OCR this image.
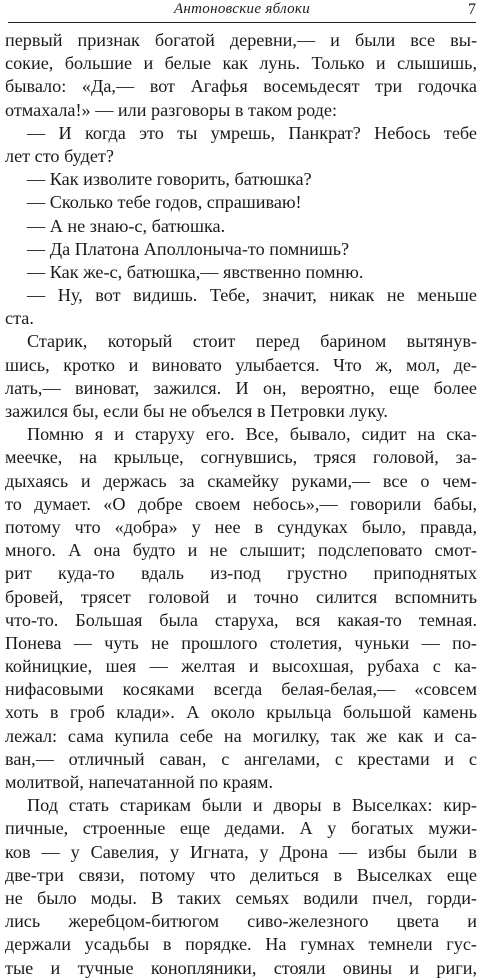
Антоновские яблоки	7
первый признак богатой деревни,— и были все вы-
сокие, большие и белые как лунь. Только и слышишь,
бывало: «Да,— вот Агафья восемьдесят три годочка
отмахала!» — или разговоры в таком роде:
— И когда это ты умрешь, Панкрат? Небось тебе
лет сто будет?
— Как изволите говорить, батюшка?
— Сколько тебе годов, спрашиваю!
— А не знаю-с, батюшка.
— Да Платона Аполлоныча-то помнишь?
— Как же-с, батюшка,— явственно помню.
— Ну, вот видишь. Тебе, значит, никак не меньше
ста.
Старик, который стоит перед барином вытянув-
шись, кротко и виновато улыбается. Что ж, мол, де-
лать,— виноват, зажился. И он, вероятно, еще более
зажился бы, если бы не объелся в Петровки луку.
Помню я и старуху его. Все, бывало, сидит на ска-
меечке, на крыльце, согнувшись, тряся головой, за-
дыхаясь и держась за скамейку руками,— все о чем-
то думает. «О добре своем небось»,— говорили бабы,
потому что «добра» у нее в сундуках было, правда,
много. А она будто и не слышит; подслеповато смот-
рит куда-то вдаль из-под грустно приподнятых
бровей, трясет головой и точно силится вспомнить
что-то. Большая была старуха, вся какая-то темная.
Понева — чуть не прошлого столетия, чуньки — по-
койницкие, шея — желтая и высохшая, рубаха с ка-
нифасовыми косяками всегда белая-белая,— «совсем
хоть в гроб клади». А около крыльца большой камень
лежал: сама купила себе на могилку, так же как и са-
ван,— отличный саван, с ангелами, с крестами и с
молитвой, напечатанной по краям.
Под стать старикам были и дворы в Выселках: кир-
пичные, строенные еще дедами. А у богатых мужи-
ков — у Савелия, у Игната, у Дрона — избы были в
две-три связи, потому что делиться в Выселках еще
не было моды. В таких семьях водили пчел, горди-
лись жеребцом-битюгом сиво-железного цвета и
держали усадьбы в порядке. На гумнах темнели гус-
тые и тучные конопляники, стояли овины и риги,
